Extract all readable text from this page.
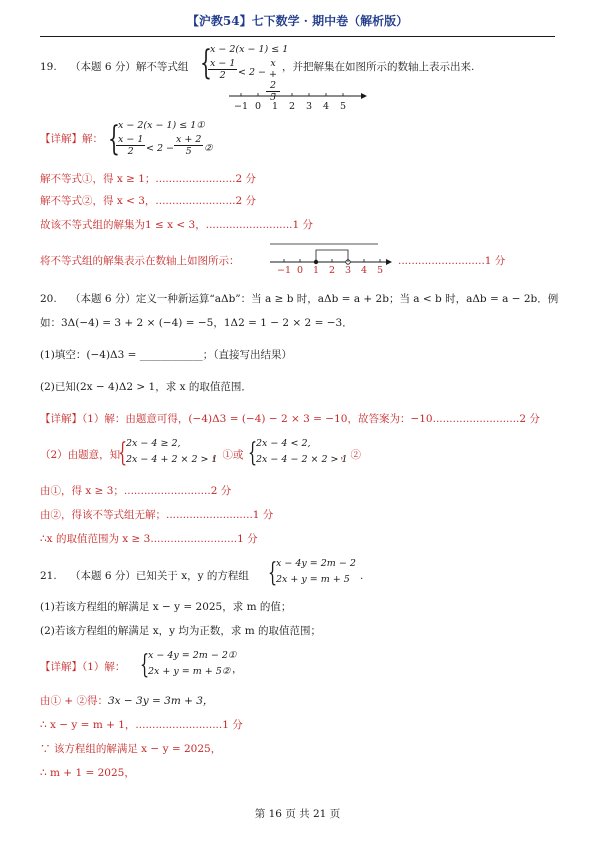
【沪教54】七下数学 · 期中卷（解析版）
19. （本题 6 分）解不等式组 {
x − 2(x − 1) ≤ 1
$\frac{x - 1}{2} < 2 - \frac{x + 2}{5}$ ，并把解集在如图所示的数轴上表示出来.
−1 0 1 2 3 4 5
【详解】解： {
x − 2(x − 1) ≤ 1①
$\frac{x - 1}{2} < 2 - \frac{x + 2}{5}$ ②
解不等式①，得 x ≥ 1；........................2 分
解不等式②，得 x < 3，........................2 分
故该不等式组的解集为1 ≤ x < 3，..........................1 分
将不等式组的解集表示在数轴上如图所示：
−1 0 1 2 3 4 5
..........................1 分
20. （本题 6 分）定义一种新运算“aΔb”：当 a ≥ b 时，aΔb = a + 2b；当 a < b 时，aΔb = a − 2b．例
如：3Δ(−4) = 3 + 2 × (−4) = −5，1Δ2 = 1 − 2 × 2 = −3．
(1)填空：(−4)Δ3 = ____________；（直接写出结果）
(2)已知(2x − 4)Δ2 > 1，求 x 的取值范围．
【详解】（1）解：由题意可得，(−4)Δ3 = (−4) − 2 × 3 = −10，故答案为：−10..........................2 分
（2）由题意，知
{
2x − 4 ≥ 2,
2x − 4 + 2 × 2 > 1
，①或 {
2x − 4 < 2,
2x − 4 − 2 × 2 > 1
，②
由①，得 x ≥ 3；..........................2 分
由②，得该不等式组无解；..........................1 分
∴x 的取值范围为 x ≥ 3..........................1 分
21. （本题 6 分）已知关于 x，y 的方程组 {
x − 4y = 2m − 2
2x + y = m + 5 .
(1)若该方程组的解满足 x − y = 2025，求 m 的值；
(2)若该方程组的解满足 x，y 均为正数，求 m 的取值范围；
【详解】（1）解： {
x − 4y = 2m − 2①
2x + y = m + 5② ，
由① + ②得：3x − 3y = 3m + 3，
∴ x − y = m + 1，..........................1 分
∵ 该方程组的解满足 x − y = 2025，
∴ m + 1 = 2025，
第 16 页 共 21 页
